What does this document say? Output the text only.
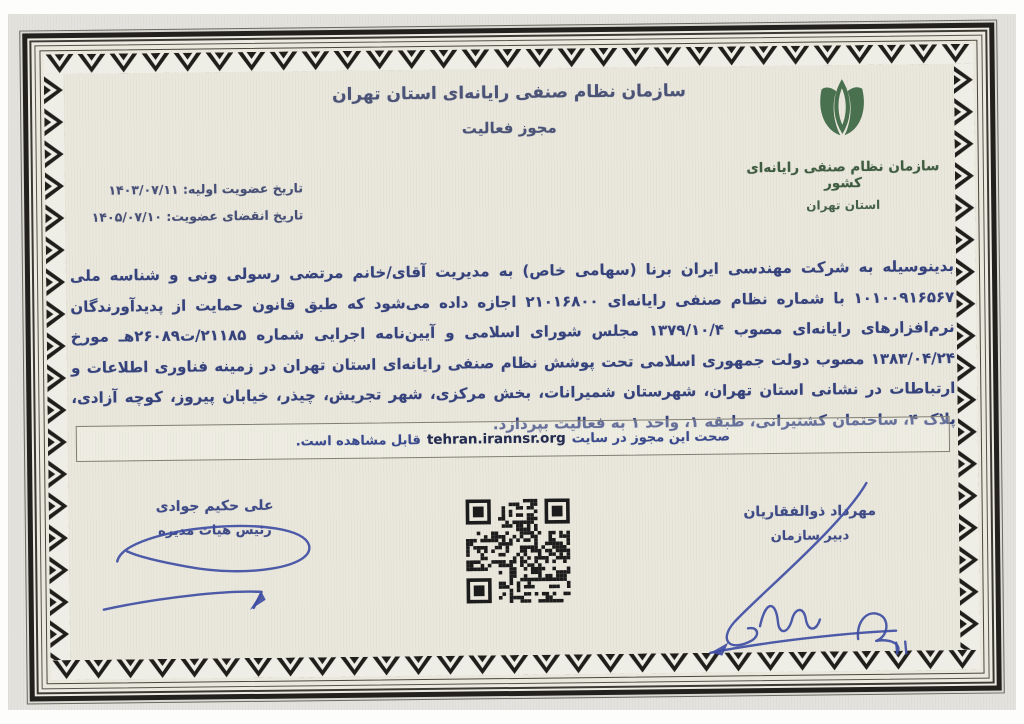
سازمان نظام صنفی رایانه‌ای استان تهران
مجوز فعالیت
تاریخ عضویت اولیه: ۱۴۰۳/۰۷/۱۱
تاریخ انقضای عضویت: ۱۴۰۵/۰۷/۱۰
سازمان نظام صنفی رایانه‌ای کشور
استان تهران

بدینوسیله به شرکت مهندسی ایران برنا (سهامی خاص) به مدیریت آقای/خانم مرتضی رسولی ونی و شناسه ملی ۱۰۱۰۰۹۱۶۵۶۷ با شماره نظام صنفی رایانه‌ای ۲۱۰۱۶۸۰۰ اجازه داده می‌شود که طبق قانون حمایت از پدیدآورندگان نرم‌افزارهای رایانه‌ای مصوب ۱۳۷۹/۱۰/۴ مجلس شورای اسلامی و آیین‌نامه اجرایی شماره ۲۱۱۸۵/ت۲۶۰۸۹هـ مورخ ۱۳۸۳/۰۴/۲۴ مصوب دولت جمهوری اسلامی تحت پوشش نظام صنفی رایانه‌ای استان تهران در زمینه فناوری اطلاعات و ارتباطات در نشانی استان تهران، شهرستان شمیرانات، بخش مرکزی، شهر تجریش، چیذر، خیابان پیروز، کوچه آزادی، پلاک ۴، ساختمان کشتیرانی، طبقه ۱، واحد ۱ به فعالیت بپردازد.

صحت این مجوز در سایت
tehran.irannsr.org
قابل مشاهده است.
علی حکیم جوادی
رئیس هیات مدیره
مهرداد ذوالفقاریان
دبیر سازمان
